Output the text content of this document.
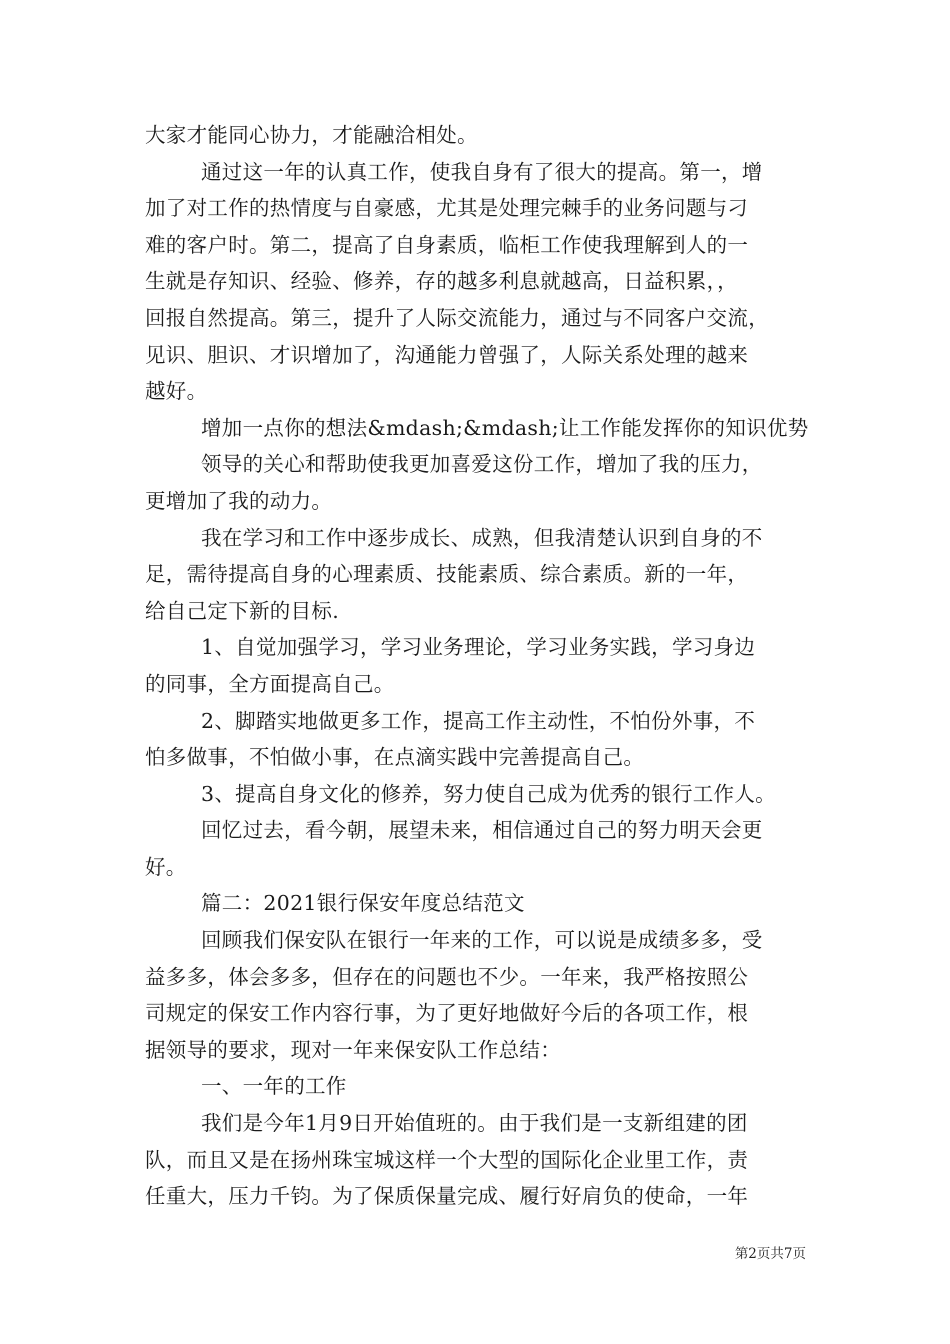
大家才能同心协力，才能融洽相处。
通过这一年的认真工作，使我自身有了很大的提高。第一，增
加了对工作的热情度与自豪感，尤其是处理完棘手的业务问题与刁
难的客户时。第二，提高了自身素质，临柜工作使我理解到人的一
生就是存知识、经验、修养，存的越多利息就越高，日益积累，，
回报自然提高。第三，提升了人际交流能力，通过与不同客户交流，
见识、胆识、才识增加了，沟通能力曾强了，人际关系处理的越来
越好。
增加一点你的想法&mdash;&mdash;让工作能发挥你的知识优势
领导的关心和帮助使我更加喜爱这份工作，增加了我的压力，
更增加了我的动力。
我在学习和工作中逐步成长、成熟，但我清楚认识到自身的不
足，需待提高自身的心理素质、技能素质、综合素质。新的一年，
给自己定下新的目标.
1、自觉加强学习，学习业务理论，学习业务实践，学习身边
的同事，全方面提高自己。
2、脚踏实地做更多工作，提高工作主动性，不怕份外事，不
怕多做事，不怕做小事，在点滴实践中完善提高自己。
3、提高自身文化的修养，努力使自己成为优秀的银行工作人。
回忆过去，看今朝，展望未来，相信通过自己的努力明天会更
好。
篇二：2021银行保安年度总结范文
回顾我们保安队在银行一年来的工作，可以说是成绩多多，受
益多多，体会多多，但存在的问题也不少。一年来，我严格按照公
司规定的保安工作内容行事，为了更好地做好今后的各项工作，根
据领导的要求，现对一年来保安队工作总结：
一、一年的工作
我们是今年1月9日开始值班的。由于我们是一支新组建的团
队，而且又是在扬州珠宝城这样一个大型的国际化企业里工作，责
任重大，压力千钧。为了保质保量完成、履行好肩负的使命，一年
第2页共7页
